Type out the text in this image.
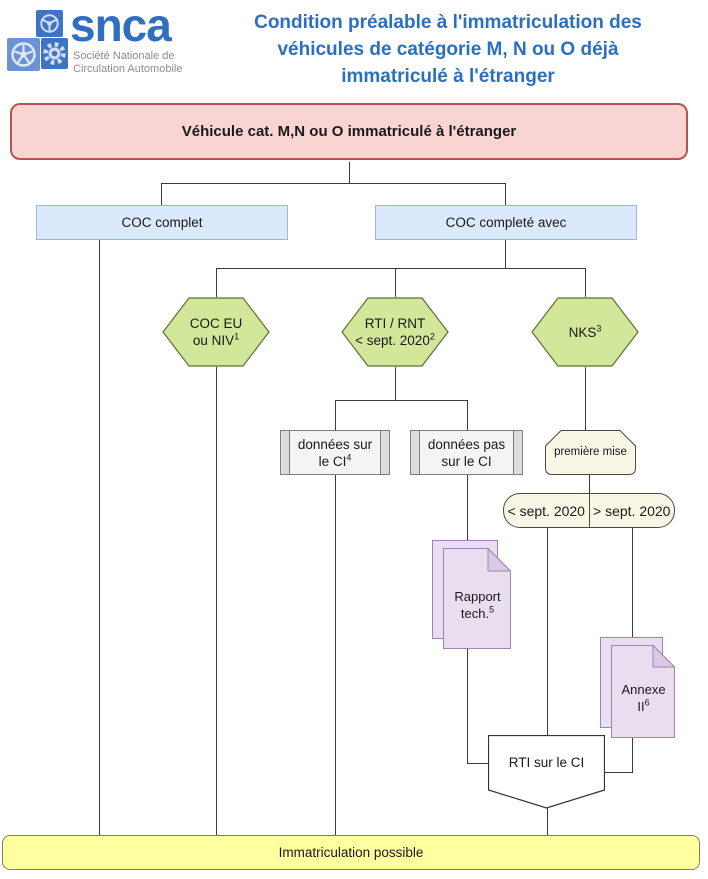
snca
Société Nationale de
Circulation Automobile
Condition préalable à l'immatriculation des
véhicules de catégorie M, N ou O déjà
immatriculé à l'étranger
Véhicule cat. M,N ou O immatriculé à l'étranger
COC complet	COC completé avec
COC EU
ou NIV$^1$
RTI / RNT
< sept. 2020$^2$	NKS$^3$
données sur
le $CI^4$
données pas
sur le CI
première mise
< sept. 2020 > sept. 2020
Rapport
tech.$^5$
Annexe
$II^6$
RTI sur le CI
Immatriculation possible
